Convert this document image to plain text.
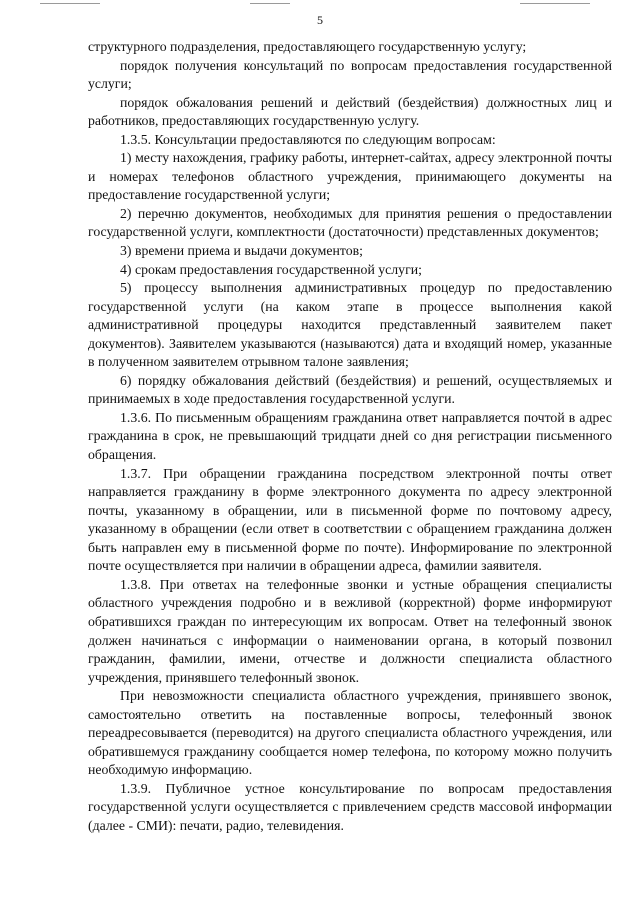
5

структурного подразделения, предоставляющего государственную услугу;

порядок получения консультаций по вопросам предоставления государственной услуги;

порядок обжалования решений и действий (бездействия) должностных лиц и работников, предоставляющих государственную услугу.

1.3.5. Консультации предоставляются по следующим вопросам:

1) месту нахождения, графику работы, интернет-сайтах, адресу электронной почты и номерах телефонов областного учреждения, принимающего документы на предоставление государственной услуги;

2) перечню документов, необходимых для принятия решения о предоставлении государственной услуги, комплектности (достаточности) представленных документов;

3) времени приема и выдачи документов;

4) срокам предоставления государственной услуги;

5) процессу выполнения административных процедур по предоставлению государственной услуги (на каком этапе в процессе выполнения какой административной процедуры находится представленный заявителем пакет документов). Заявителем указываются (называются) дата и входящий номер, указанные в полученном заявителем отрывном талоне заявления;

6) порядку обжалования действий (бездействия) и решений, осуществляемых и принимаемых в ходе предоставления государственной услуги.

1.3.6. По письменным обращениям гражданина ответ направляется почтой в адрес гражданина в срок, не превышающий тридцати дней со дня регистрации письменного обращения.

1.3.7. При обращении гражданина посредством электронной почты ответ направляется гражданину в форме электронного документа по адресу электронной почты, указанному в обращении, или в письменной форме по почтовому адресу, указанному в обращении (если ответ в соответствии с обращением гражданина должен быть направлен ему в письменной форме по почте). Информирование по электронной почте осуществляется при наличии в обращении адреса, фамилии заявителя.

1.3.8. При ответах на телефонные звонки и устные обращения специалисты областного учреждения подробно и в вежливой (корректной) форме информируют обратившихся граждан по интересующим их вопросам. Ответ на телефонный звонок должен начинаться с информации о наименовании органа, в который позвонил гражданин, фамилии, имени, отчестве и должности специалиста областного учреждения, принявшего телефонный звонок.

При невозможности специалиста областного учреждения, принявшего звонок, самостоятельно ответить на поставленные вопросы, телефонный звонок переадресовывается (переводится) на другого специалиста областного учреждения, или обратившемуся гражданину сообщается номер телефона, по которому можно получить необходимую информацию.

1.3.9. Публичное устное консультирование по вопросам предоставления государственной услуги осуществляется с привлечением средств массовой информации (далее - СМИ): печати, радио, телевидения.
